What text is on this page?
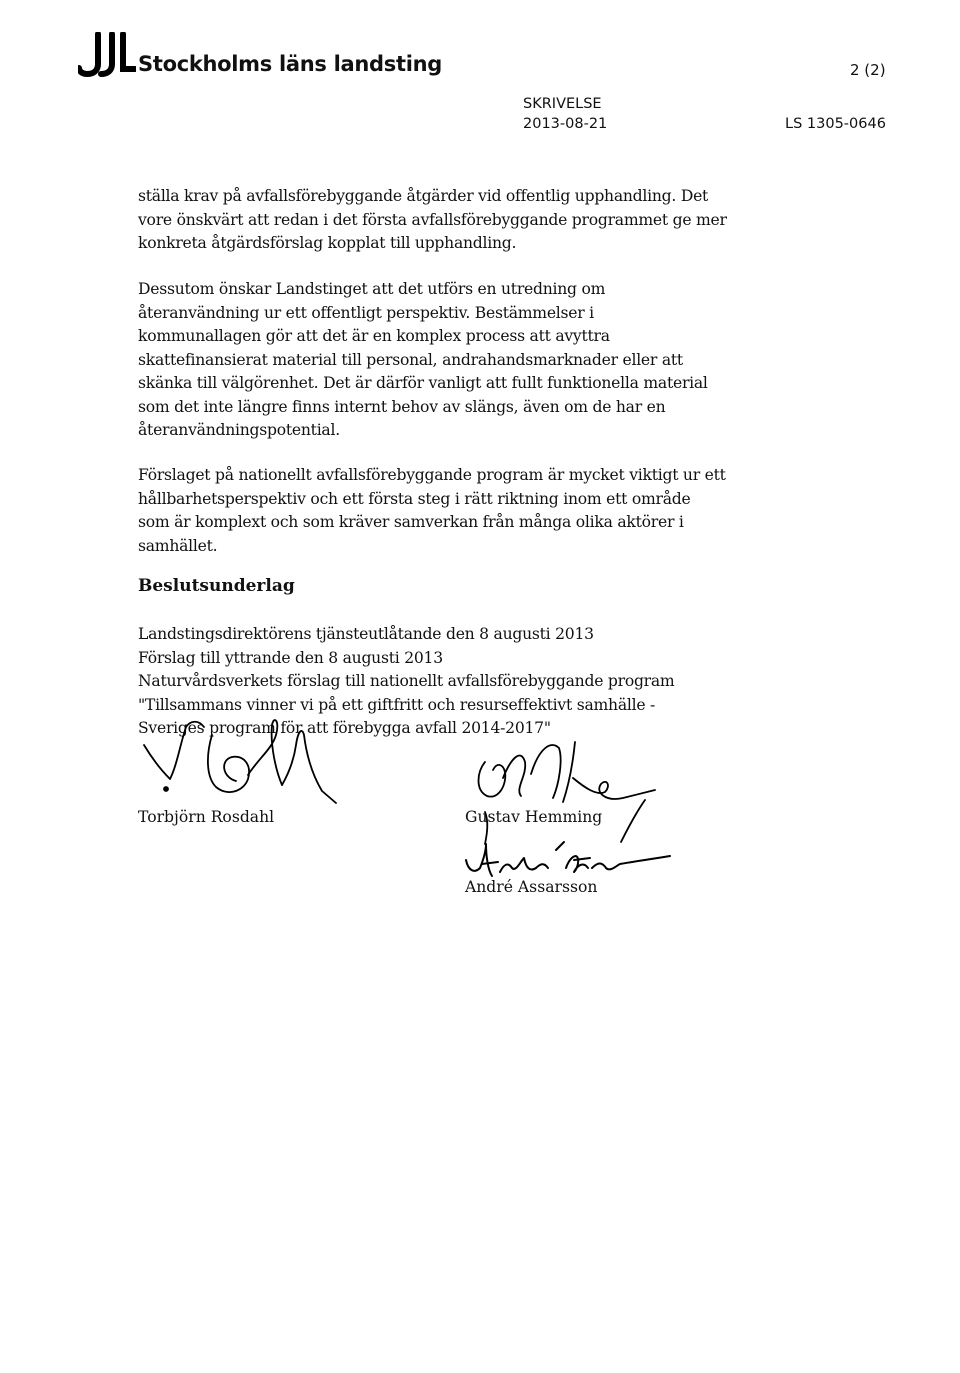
Stockholms läns landsting	2 (2)
SKRIVELSE
2013-08-21	LS 1305-0646
ställa krav på avfallsförebyggande åtgärder vid offentlig upphandling. Det
vore önskvärt att redan i det första avfallsförebyggande programmet ge mer
konkreta åtgärdsförslag kopplat till upphandling.
Dessutom önskar Landstinget att det utförs en utredning om
återanvändning ur ett offentligt perspektiv. Bestämmelser i
kommunallagen gör att det är en komplex process att avyttra
skattefinansierat material till personal, andrahandsmarknader eller att
skänka till välgörenhet. Det är därför vanligt att fullt funktionella material
som det inte längre finns internt behov av slängs, även om de har en
återanvändningspotential.
Förslaget på nationellt avfallsförebyggande program är mycket viktigt ur ett
hållbarhetsperspektiv och ett första steg i rätt riktning inom ett område
som är komplext och som kräver samverkan från många olika aktörer i
samhället.
Beslutsunderlag
Landstingsdirektörens tjänsteutlåtande den 8 augusti 2013
Förslag till yttrande den 8 augusti 2013
Naturvårdsverkets förslag till nationellt avfallsförebyggande program
"Tillsammans vinner vi på ett giftfritt och resurseffektivt samhälle -
Sveriges program för att förebygga avfall 2014-2017"
Torbjörn Rosdahl	Gustav Hemming
André Assarsson
